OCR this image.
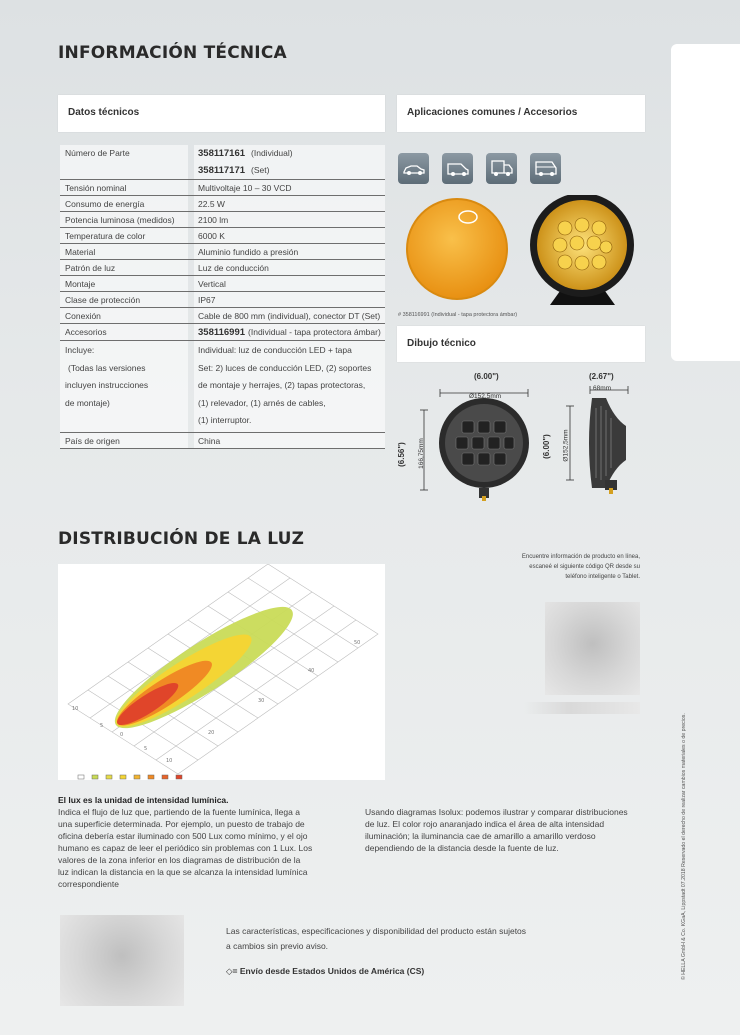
INFORMACIÓN TÉCNICA
Datos técnicos	Aplicaciones comunes / Accesorios
Número de Parte	358117161 (Individual)
358117171 (Set)
Tensión nominal	Multivoltaje 10 – 30 VCD
Consumo de energía	22.5 W
Potencia luminosa (medidos)	2100 lm
Temperatura de color	6000 K
Material	Aluminio fundido a presión
Patrón de luz	Luz de conducción
Montaje	Vertical
Clase de protección	IP67
Conexión	Cable de 800 mm (individual), conector DT (Set)
Accesorios	358116991 (Individual - tapa protectora ámbar)
Incluye:
(Todas las versiones
incluyen instrucciones
de montaje)

Individual: luz de conducción LED + tapa
Set: 2) luces de conducción LED, (2) soportes
de montaje y herrajes, (2) tapas protectoras,
(1) relevador, (1) arnés de cables,
(1) interruptor.
País de origen	China
# 358116991 (Individual - tapa protectora ámbar)
Dibujo técnico
(6.00")
Ø152,5mm
(2.67")
68mm
(6.56") 166,75mm	(6.00") Ø152,5mm
DISTRIBUCIÓN DE LA LUZ
10
5
0
5
10
20
30
40
50
Encuentre información de producto en línea,
escaneé el siguiente código QR desde su
teléfono inteligente o Tablet.
© HELLA GmbH & Co. KGaA, Lippstadt 07.2018 Reservado el derecho de realizar cambios materiales o de precios.
El lux es la unidad de intensidad lumínica.
Indica el flujo de luz que, partiendo de la fuente lumínica, llega a
una superficie determinada. Por ejemplo, un puesto de trabajo de
oficina debería estar iluminado con 500 Lux como mínimo, y el ojo
humano es capaz de leer el periódico sin problemas con 1 Lux. Los
valores de la zona inferior en los diagramas de distribución de la
luz indican la distancia en la que se alcanza la intensidad lumínica
correspondiente
Usando diagramas Isolux: podemos ilustrar y comparar distribuciones
de luz. El color rojo anaranjado indica el área de alta intensidad
iluminación; la iluminancia cae de amarillo a amarillo verdoso
dependiendo de la distancia desde la fuente de luz.
Las características, especificaciones y disponibilidad del producto están sujetos
a cambios sin previo aviso.
◇= Envío desde Estados Unidos de América (CS)
